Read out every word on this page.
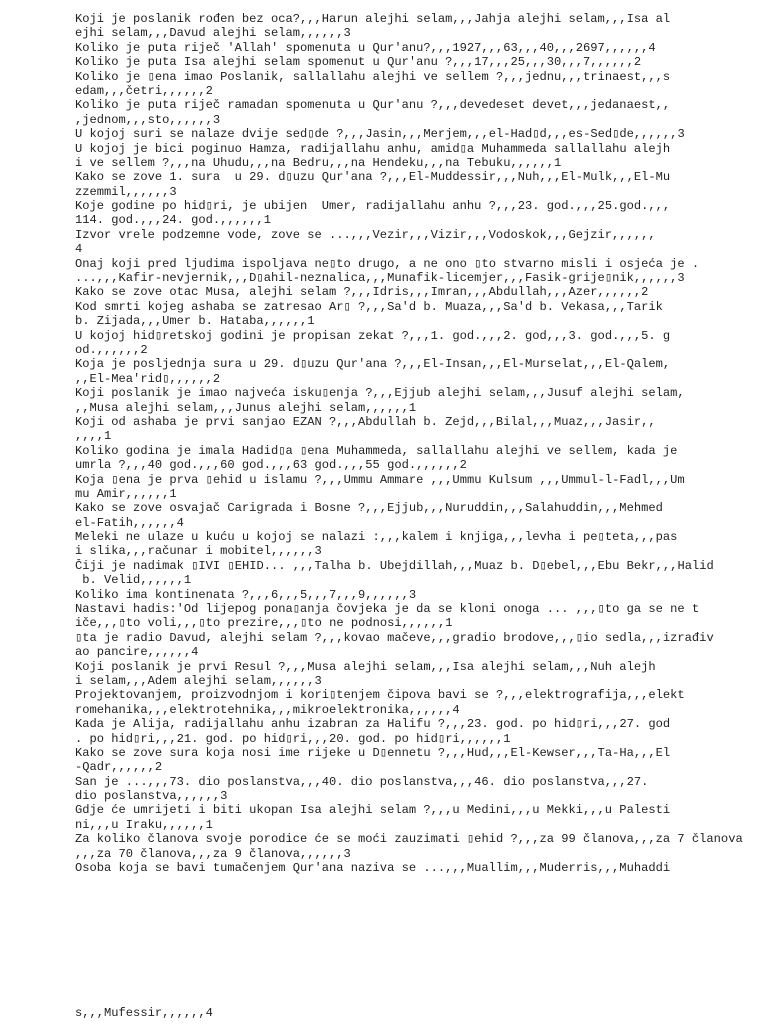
Koji je poslanik rođen bez oca?,,,Harun alejhi selam,,,Jahja alejhi selam,,,Isa al
ejhi selam,,,Davud alejhi selam,,,,,,3
Koliko je puta riječ 'Allah' spomenuta u Qur'anu?,,,1927,,,63,,,40,,,2697,,,,,,4
Koliko je puta Isa alejhi selam spomenut u Qur'anu ?,,,17,,,25,,,30,,,7,,,,,,2
Koliko je ▯ena imao Poslanik, sallallahu alejhi ve sellem ?,,,jednu,,,trinaest,,,s
edam,,,četri,,,,,,2
Koliko je puta riječ ramadan spomenuta u Qur'anu ?,,,devedeset devet,,,jedanaest,,
,jednom,,,sto,,,,,,3
U kojoj suri se nalaze dvije sed▯de ?,,,Jasin,,,Merjem,,,el-Had▯d,,,es-Sed▯de,,,,,,3
U kojoj je bici poginuo Hamza, radijallahu anhu, amid▯a Muhammeda sallallahu alejh
i ve sellem ?,,,na Uhudu,,,na Bedru,,,na Hendeku,,,na Tebuku,,,,,,1
Kako se zove 1. sura  u 29. d▯uzu Qur'ana ?,,,El-Muddessir,,,Nuh,,,El-Mulk,,,El-Mu
zzemmil,,,,,,3
Koje godine po hid▯ri, je ubijen  Umer, radijallahu anhu ?,,,23. god.,,,25.god.,,,
114. god.,,,24. god.,,,,,,1
Izvor vrele podzemne vode, zove se ...,,,Vezir,,,Vizir,,,Vodoskok,,,Gejzir,,,,,,
4
Onaj koji pred ljudima ispoljava ne▯to drugo, a ne ono ▯to stvarno misli i osjeća je .
...,,,Kafir-nevjernik,,,D▯ahil-neznalica,,,Munafik-licemjer,,,Fasik-grije▯nik,,,,,,3
Kako se zove otac Musa, alejhi selam ?,,,Idris,,,Imran,,,Abdullah,,,Azer,,,,,,2
Kod smrti kojeg ashaba se zatresao Ar▯ ?,,,Sa'd b. Muaza,,,Sa'd b. Vekasa,,,Tarik
b. Zijada,,,Umer b. Hataba,,,,,,1
U kojoj hid▯retskoj godini je propisan zekat ?,,,1. god.,,,2. god,,,3. god.,,,5. g
od.,,,,,,2
Koja je posljednja sura u 29. d▯uzu Qur'ana ?,,,El-Insan,,,El-Murselat,,,El-Qalem,
,,El-Mea'rid▯,,,,,,2
Koji poslanik je imao najveća isku▯enja ?,,,Ejjub alejhi selam,,,Jusuf alejhi selam,
,,Musa alejhi selam,,,Junus alejhi selam,,,,,,1
Koji od ashaba je prvi sanjao EZAN ?,,,Abdullah b. Zejd,,,Bilal,,,Muaz,,,Jasir,,
,,,,1
Koliko godina je imala Hadid▯a ▯ena Muhammeda, sallallahu alejhi ve sellem, kada je
umrla ?,,,40 god.,,,60 god.,,,63 god.,,,55 god.,,,,,,2
Koja ▯ena je prva ▯ehid u islamu ?,,,Ummu Ammare ,,,Ummu Kulsum ,,,Ummul-l-Fadl,,,Um
mu Amir,,,,,,1
Kako se zove osvajač Carigrada i Bosne ?,,,Ejjub,,,Nuruddin,,,Salahuddin,,,Mehmed
el-Fatih,,,,,,4
Meleki ne ulaze u kuću u kojoj se nalazi :,,,kalem i knjiga,,,levha i pe▯teta,,,pas
i slika,,,računar i mobitel,,,,,,3
Čiji je nadimak ▯IVI ▯EHID... ,,,Talha b. Ubejdillah,,,Muaz b. D▯ebel,,,Ebu Bekr,,,Halid
b. Velid,,,,,,1
Koliko ima kontinenata ?,,,6,,,5,,,7,,,9,,,,,,3
Nastavi hadis:'Od lijepog pona▯anja čovjeka je da se kloni onoga ... ,,,▯to ga se ne t
iče,,,▯to voli,,,▯to prezire,,,▯to ne podnosi,,,,,,1
▯ta je radio Davud, alejhi selam ?,,,kovao mačeve,,,gradio brodove,,,▯io sedla,,,izrađiv
ao pancire,,,,,,4
Koji poslanik je prvi Resul ?,,,Musa alejhi selam,,,Isa alejhi selam,,,Nuh alejh
i selam,,,Adem alejhi selam,,,,,,3
Projektovanjem, proizvodnjom i kori▯tenjem čipova bavi se ?,,,elektrografija,,,elekt
romehanika,,,elektrotehnika,,,mikroelektronika,,,,,,4
Kada je Alija, radijallahu anhu izabran za Halifu ?,,,23. god. po hid▯ri,,,27. god
. po hid▯ri,,,21. god. po hid▯ri,,,20. god. po hid▯ri,,,,,,1
Kako se zove sura koja nosi ime rijeke u D▯ennetu ?,,,Hud,,,El-Kewser,,,Ta-Ha,,,El
-Qadr,,,,,,2
San je ...,,,73. dio poslanstva,,,40. dio poslanstva,,,46. dio poslanstva,,,27.
dio poslanstva,,,,,,3
Gdje će umrijeti i biti ukopan Isa alejhi selam ?,,,u Medini,,,u Mekki,,,u Palesti
ni,,,u Iraku,,,,,,1
Za koliko članova svoje porodice će se moći zauzimati ▯ehid ?,,,za 99 članova,,,za 7 članova
,,,za 70 članova,,,za 9 članova,,,,,,3
Osoba koja se bavi tumačenjem Qur'ana naziva se ...,,,Muallim,,,Muderris,,,Muhaddi
s,,,Mufessir,,,,,,4
